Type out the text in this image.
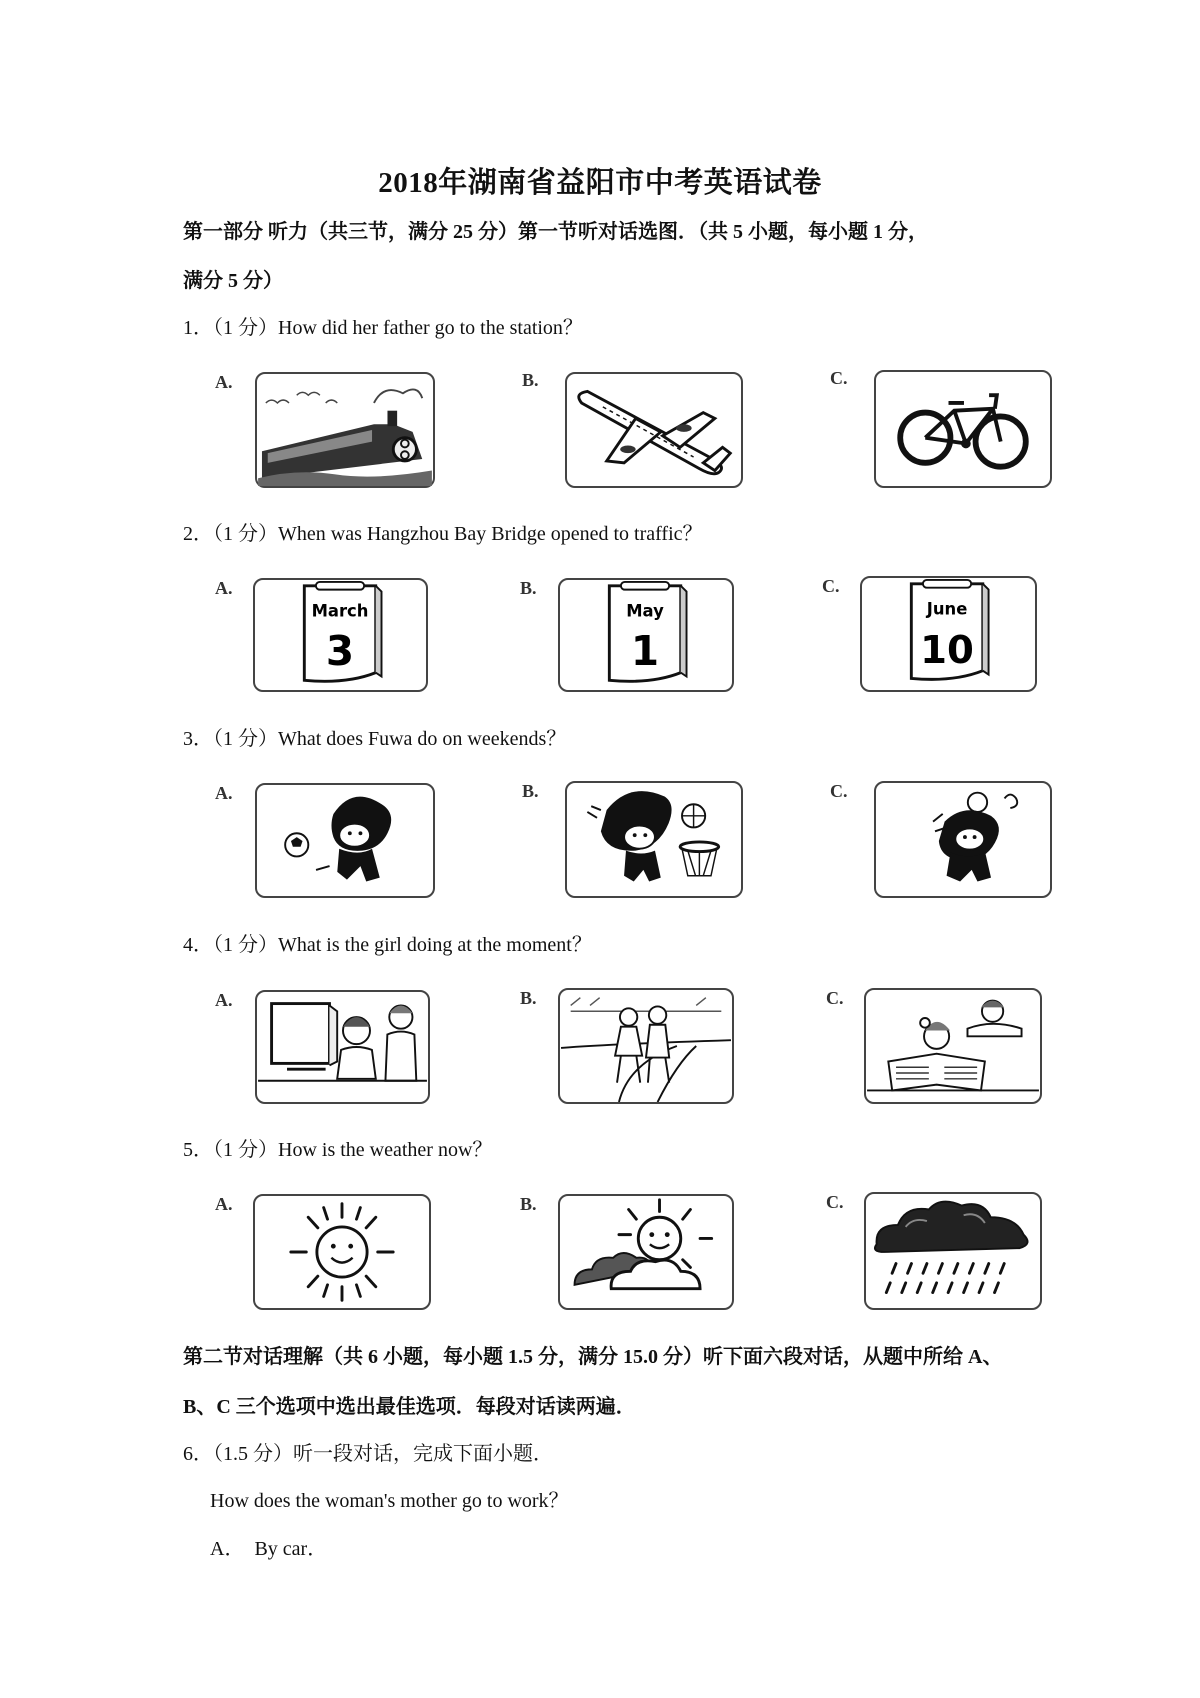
2018年湖南省益阳市中考英语试卷
第一部分 听力（共三节，满分 25 分）第一节听对话选图．（共 5 小题，每小题 1 分，
满分 5 分）
1．（1 分）How did her father go to the station？
A.	B.	C.
2．（1 分）When was Hangzhou Bay Bridge opened to traffic？
A.	B.	C.
March
3
May
1
June
10
3．（1 分）What does Fuwa do on weekends？
A.	B.	C.
4．（1 分）What is the girl doing at the moment？
A.	B.	C.
5．（1 分）How is the weather now？
A.	B.	C.
第二节对话理解（共 6 小题，每小题 1.5 分，满分 15.0 分）听下面六段对话，从题中所给 A、
B、C 三个选项中选出最佳选项．每段对话读两遍．
6．（1.5 分）听一段对话，完成下面小题．
How does the woman's mother go to work？
A． By car．
